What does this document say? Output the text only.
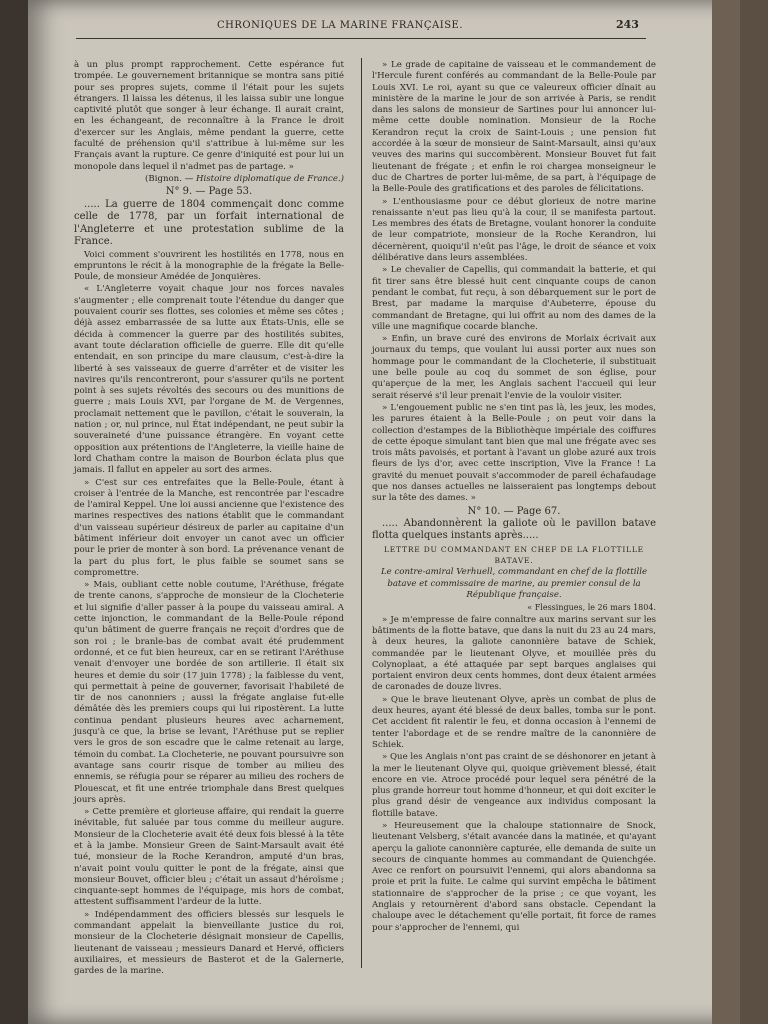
CHRONIQUES DE LA MARINE FRANÇAISE.	243

à un plus prompt rapprochement. Cette espérance fut trompée. Le gouvernement britannique se montra sans pitié pour ses propres sujets, comme il l'était pour les sujets étrangers. Il laissa les détenus, il les laissa subir une longue captivité plutôt que songer à leur échange. Il aurait craint, en les échangeant, de reconnaître à la France le droit d'exercer sur les Anglais, même pendant la guerre, cette faculté de préhension qu'il s'attribue à lui-même sur les Français avant la rupture. Ce genre d'iniquité est pour lui un monopole dans lequel il n'admet pas de partage. »

(Bignon. — Histoire diplomatique de France.)

N° 9. — Page 53.

..... La guerre de 1804 commençait donc comme celle de 1778, par un forfait international de l'Angleterre et une protestation sublime de la France.

Voici comment s'ouvrirent les hostilités en 1778, nous en empruntons le récit à la monographie de la frégate la Belle-Poule, de monsieur Amédée de Jonquières.

« L'Angleterre voyait chaque jour nos forces navales s'augmenter ; elle comprenait toute l'étendue du danger que pouvaient courir ses flottes, ses colonies et même ses côtes ; déjà assez embarrassée de sa lutte aux États-Unis, elle se décida à commencer la guerre par des hostilités subites, avant toute déclaration officielle de guerre. Elle dit qu'elle entendait, en son principe du mare clausum, c'est-à-dire la liberté à ses vaisseaux de guerre d'arrêter et de visiter les navires qu'ils rencontreront, pour s'assurer qu'ils ne portent point à ses sujets révoltés des secours ou des munitions de guerre ; mais Louis XVI, par l'organe de M. de Vergennes, proclamait nettement que le pavillon, c'était le souverain, la nation ; or, nul prince, nul État indépendant, ne peut subir la souveraineté d'une puissance étrangère. En voyant cette opposition aux prétentions de l'Angleterre, la vieille haine de lord Chatham contre la maison de Bourbon éclata plus que jamais. Il fallut en appeler au sort des armes.

» C'est sur ces entrefaites que la Belle-Poule, étant à croiser à l'entrée de la Manche, est rencontrée par l'escadre de l'amiral Keppel. Une loi aussi ancienne que l'existence des marines respectives des nations établit que le commandant d'un vaisseau supérieur désireux de parler au capitaine d'un bâtiment inférieur doit envoyer un canot avec un officier pour le prier de monter à son bord. La prévenance venant de la part du plus fort, le plus faible se soumet sans se compromettre.

» Mais, oubliant cette noble coutume, l'Aréthuse, frégate de trente canons, s'approche de monsieur de la Clocheterie et lui signifie d'aller passer à la poupe du vaisseau amiral. A cette injonction, le commandant de la Belle-Poule répond qu'un bâtiment de guerre français ne reçoit d'ordres que de son roi ; le branle-bas de combat avait été prudemment ordonné, et ce fut bien heureux, car en se retirant l'Aréthuse venait d'envoyer une bordée de son artillerie. Il était six heures et demie du soir (17 juin 1778) ; la faiblesse du vent, qui permettait à peine de gouverner, favorisait l'habileté de tir de nos canonniers ; aussi la frégate anglaise fut-elle démâtée dès les premiers coups qui lui ripostèrent. La lutte continua pendant plusieurs heures avec acharnement, jusqu'à ce que, la brise se levant, l'Aréthuse put se replier vers le gros de son escadre que le calme retenait au large, témoin du combat. La Clocheterie, ne pouvant poursuivre son avantage sans courir risque de tomber au milieu des ennemis, se réfugia pour se réparer au milieu des rochers de Plouescat, et fit une entrée triomphale dans Brest quelques jours après.

» Cette première et glorieuse affaire, qui rendait la guerre inévitable, fut saluée par tous comme du meilleur augure. Monsieur de la Clocheterie avait été deux fois blessé à la tête et à la jambe. Monsieur Green de Saint-Marsault avait été tué, monsieur de la Roche Kerandron, amputé d'un bras, n'avait point voulu quitter le pont de la frégate, ainsi que monsieur Bouvet, officier bleu ; c'était un assaut d'héroïsme ; cinquante-sept hommes de l'équipage, mis hors de combat, attestent suffisamment l'ardeur de la lutte.

» Indépendamment des officiers blessés sur lesquels le commandant appelait la bienveillante justice du roi, monsieur de la Clocheterie désignait monsieur de Capellis, lieutenant de vaisseau ; messieurs Danard et Hervé, officiers auxiliaires, et messieurs de Basterot et de la Galernerie, gardes de la marine.

» Le grade de capitaine de vaisseau et le commandement de l'Hercule furent conférés au commandant de la Belle-Poule par Louis XVI. Le roi, ayant su que ce valeureux officier dînait au ministère de la marine le jour de son arrivée à Paris, se rendit dans les salons de monsieur de Sartines pour lui annoncer lui-même cette double nomination. Monsieur de la Roche Kerandron reçut la croix de Saint-Louis ; une pension fut accordée à la sœur de monsieur de Saint-Marsault, ainsi qu'aux veuves des marins qui succombèrent. Monsieur Bouvet fut fait lieutenant de frégate ; et enfin le roi chargea monseigneur le duc de Chartres de porter lui-même, de sa part, à l'équipage de la Belle-Poule des gratifications et des paroles de félicitations.

» L'enthousiasme pour ce début glorieux de notre marine renaissante n'eut pas lieu qu'à la cour, il se manifesta partout. Les membres des états de Bretagne, voulant honorer la conduite de leur compatriote, monsieur de la Roche Kerandron, lui décernèrent, quoiqu'il n'eût pas l'âge, le droit de séance et voix délibérative dans leurs assemblées.

» Le chevalier de Capellis, qui commandait la batterie, et qui fit tirer sans être blessé huit cent cinquante coups de canon pendant le combat, fut reçu, à son débarquement sur le port de Brest, par madame la marquise d'Aubeterre, épouse du commandant de Bretagne, qui lui offrit au nom des dames de la ville une magnifique cocarde blanche.

» Enfin, un brave curé des environs de Morlaix écrivait aux journaux du temps, que voulant lui aussi porter aux nues son hommage pour le commandant de la Clocheterie, il substituait une belle poule au coq du sommet de son église, pour qu'aperçue de la mer, les Anglais sachent l'accueil qui leur serait réservé s'il leur prenait l'envie de la vouloir visiter.

» L'engouement public ne s'en tint pas là, les jeux, les modes, les parures étaient à la Belle-Poule ; on peut voir dans la collection d'estampes de la Bibliothèque impériale des coiffures de cette époque simulant tant bien que mal une frégate avec ses trois mâts pavoisés, et portant à l'avant un globe azuré aux trois fleurs de lys d'or, avec cette inscription, Vive la France ! La gravité du menuet pouvait s'accommoder de pareil échafaudage que nos danses actuelles ne laisseraient pas longtemps debout sur la tête des dames. »

N° 10. — Page 67.

..... Abandonnèrent la galiote où le pavillon batave flotta quelques instants après.....

LETTRE DU COMMANDANT EN CHEF DE LA FLOTTILLE BATAVE.

Le contre-amiral Verhuell, commandant en chef de la flottille batave et commissaire de marine, au premier consul de la République française.

« Flessingues, le 26 mars 1804.

» Je m'empresse de faire connaître aux marins servant sur les bâtiments de la flotte batave, que dans la nuit du 23 au 24 mars, à deux heures, la galiote canonnière batave de Schiek, commandée par le lieutenant Olyve, et mouillée près du Colynoplaat, a été attaquée par sept barques anglaises qui portaient environ deux cents hommes, dont deux étaient armées de caronades de douze livres.

» Que le brave lieutenant Olyve, après un combat de plus de deux heures, ayant été blessé de deux balles, tomba sur le pont. Cet accident fit ralentir le feu, et donna occasion à l'ennemi de tenter l'abordage et de se rendre maître de la canonnière de Schiek.

» Que les Anglais n'ont pas craint de se déshonorer en jetant à la mer le lieutenant Olyve qui, quoique grièvement blessé, était encore en vie. Atroce procédé pour lequel sera pénétré de la plus grande horreur tout homme d'honneur, et qui doit exciter le plus grand désir de vengeance aux individus composant la flottille batave.

» Heureusement que la chaloupe stationnaire de Snock, lieutenant Velsberg, s'était avancée dans la matinée, et qu'ayant aperçu la galiote canonnière capturée, elle demanda de suite un secours de cinquante hommes au commandant de Quienchgée. Avec ce renfort on poursuivit l'ennemi, qui alors abandonna sa proie et prit la fuite. Le calme qui survint empêcha le bâtiment stationnaire de s'approcher de la prise ; ce que voyant, les Anglais y retournèrent d'abord sans obstacle. Cependant la chaloupe avec le détachement qu'elle portait, fit force de rames pour s'approcher de l'ennemi, qui
